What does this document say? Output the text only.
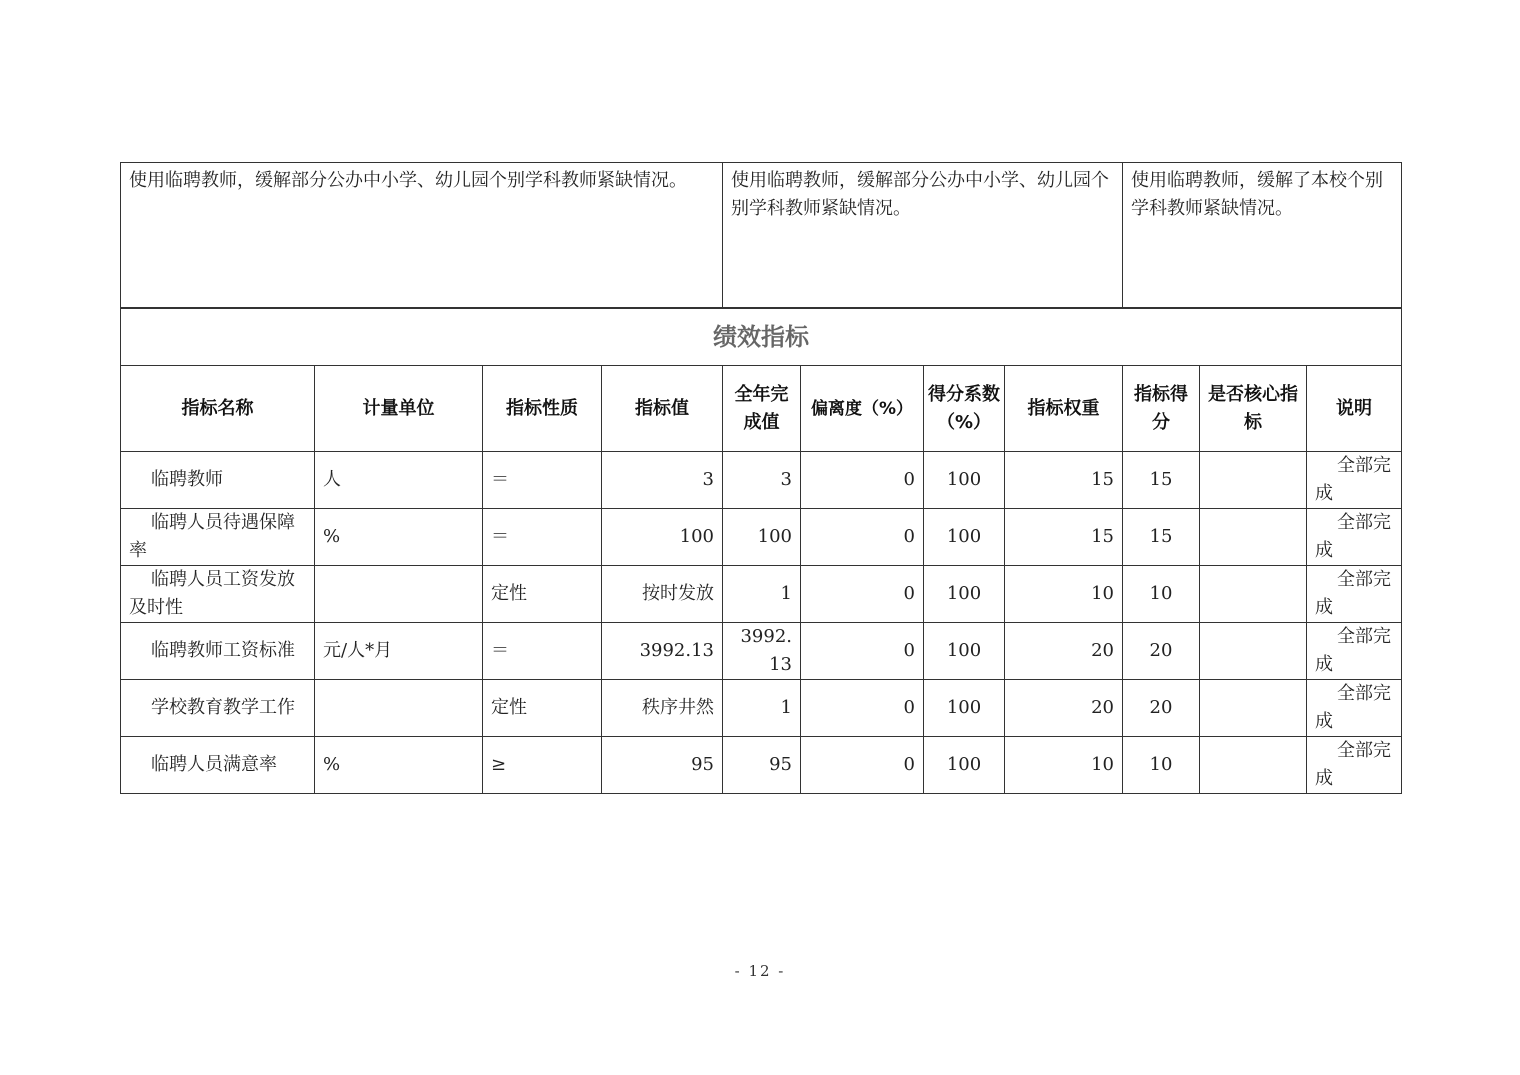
使用临聘教师，缓解部分公办中小学、幼儿园个别学科教师紧缺情况。	使用临聘教师，缓解部分公办中小学、幼儿园个别学科教师紧缺情况。	使用临聘教师，缓解了本校个别学科教师紧缺情况。
绩效指标										
指标名称	计量单位	指标性质	指标值	全年完成值	偏离度（%）	得分系数（%）	指标权重	指标得分	是否核心指标	说明
临聘教师	人	＝	3	3	0	100	15	15		全部完成
临聘人员待遇保障率	%	＝	100	100	0	100	15	15		全部完成
临聘人员工资发放及时性		定性	按时发放	1	0	100	10	10		全部完成
临聘教师工资标准	元/人*月	＝	3992.13	3992.13	0	100	20	20		全部完成
学校教育教学工作		定性	秩序井然	1	0	100	20	20		全部完成
临聘人员满意率	%	≥	95	95	0	100	10	10		全部完成
- 12 -
